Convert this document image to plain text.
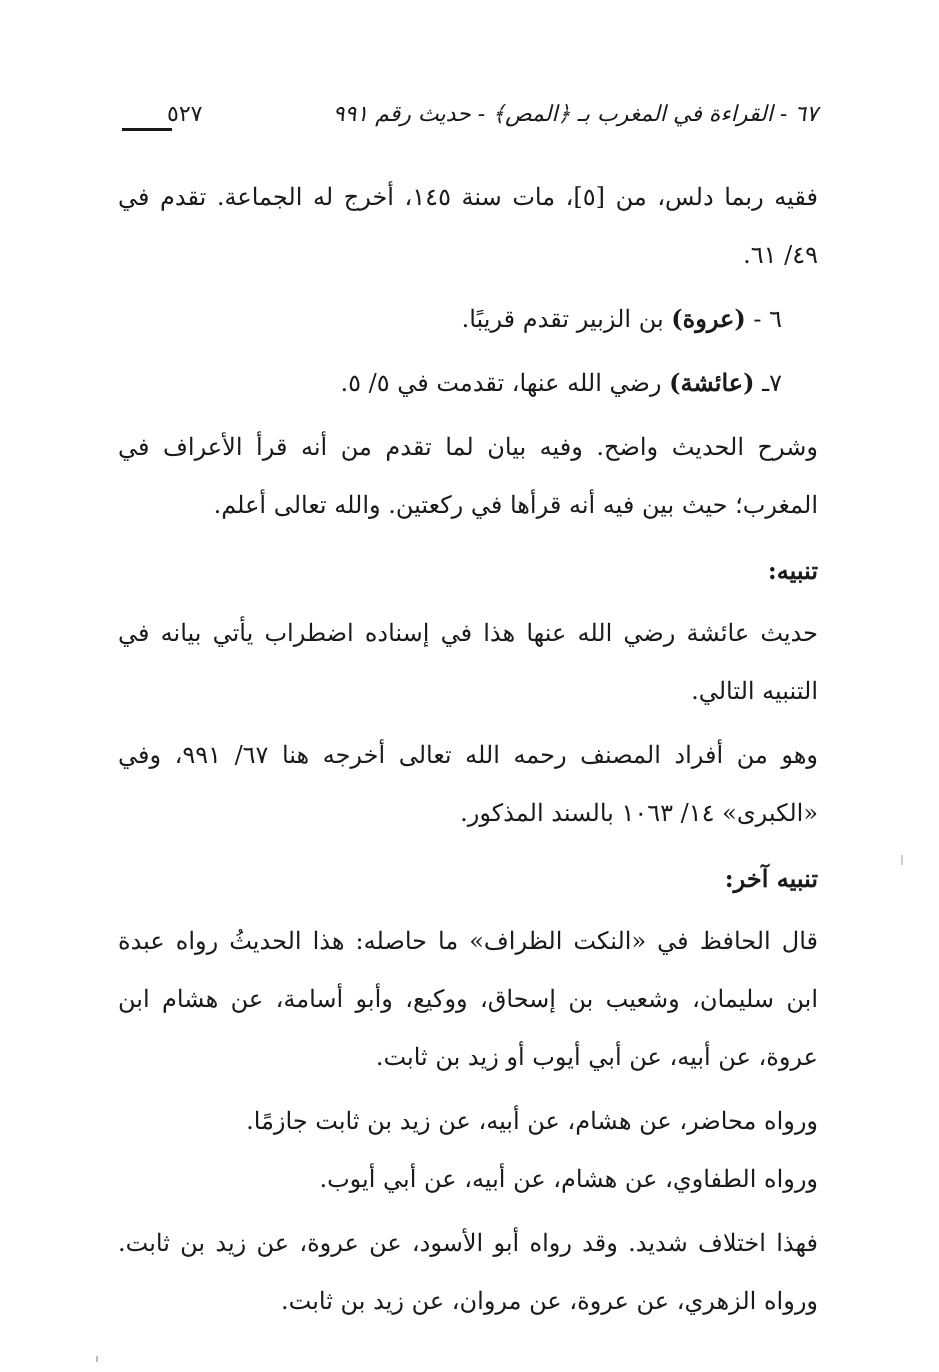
٦٧ - القراءة في المغرب بـ ﴿المص﴾ - حديث رقم ٩٩١
٥٢٧

فقيه ربما دلس، من [٥]، مات سنة ١٤٥، أخرج له الجماعة. تقدم في ٤٩/ ٦١.

٦ - (عروة) بن الزبير تقدم قريبًا.

٧ـ (عائشة) رضي الله عنها، تقدمت في ٥/ ٥.

وشرح الحديث واضح. وفيه بيان لما تقدم من أنه قرأ الأعراف في المغرب؛ حيث بين فيه أنه قرأها في ركعتين. والله تعالى أعلم.

تنبيه:

حديث عائشة رضي الله عنها هذا في إسناده اضطراب يأتي بيانه في التنبيه التالي.

وهو من أفراد المصنف رحمه الله تعالى أخرجه هنا ٦٧/ ٩٩١، وفي «الكبرى» ١٤/ ١٠٦٣ بالسند المذكور.

تنبيه آخر:

قال الحافظ في «النكت الظراف» ما حاصله: هذا الحديثُ رواه عبدة ابن سليمان، وشعيب بن إسحاق، ووكيع، وأبو أسامة، عن هشام ابن عروة، عن أبيه، عن أبي أيوب أو زيد بن ثابت.

ورواه محاضر، عن هشام، عن أبيه، عن زيد بن ثابت جازمًا.
ورواه الطفاوي، عن هشام، عن أبيه، عن أبي أيوب.

فهذا اختلاف شديد. وقد رواه أبو الأسود، عن عروة، عن زيد بن ثابت. ورواه الزهري، عن عروة، عن مروان، عن زيد بن ثابت.
